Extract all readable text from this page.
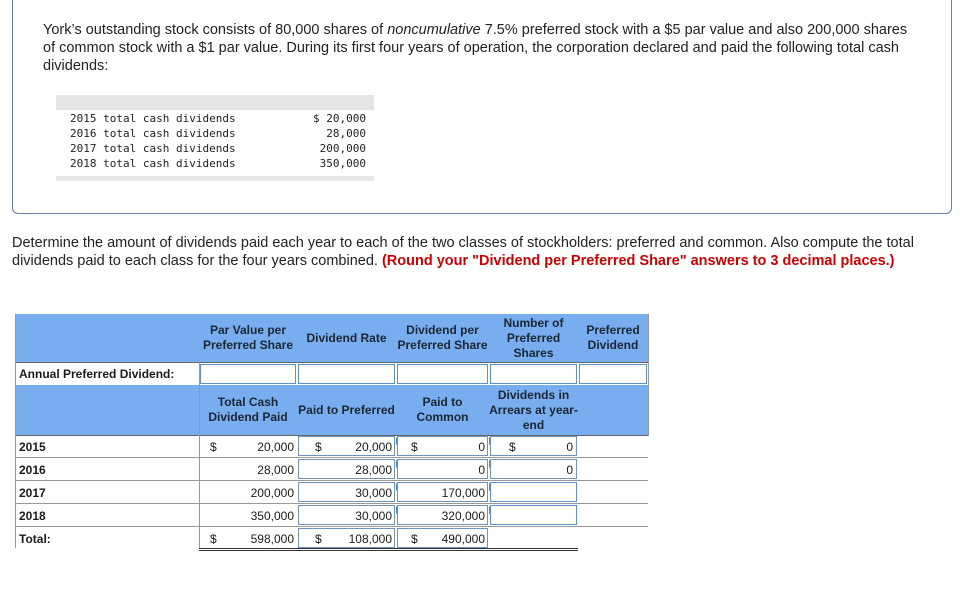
York’s outstanding stock consists of 80,000 shares of noncumulative 7.5% preferred stock with a $5 par value and also 200,000 shares of common stock with a $1 par value. During its first four years of operation, the corporation declared and paid the following total cash dividends:
2015 total cash dividends	$ 20,000
2016 total cash dividends	28,000
2017 total cash dividends	200,000
2018 total cash dividends	350,000
Determine the amount of dividends paid each year to each of the two classes of stockholders: preferred and common. Also compute the total dividends paid to each class for the four years combined. (Round your "Dividend per Preferred Share" answers to 3 decimal places.)
Par Value per Preferred Share
Dividend Rate
Dividend per Preferred Share
Number of Preferred Shares
Preferred Dividend
Annual Preferred Dividend:
Total Cash Dividend Paid
Paid to Preferred
Paid to Common
Dividends in Arrears at year-end
2015	$	20,000 $	20,000 $	0 $	0
2016	28,000	28,000	0	0
2017	200,000	30,000	170,000
2018	350,000	30,000	320,000
Total:	$	598,000 $	108,000 $	490,000
